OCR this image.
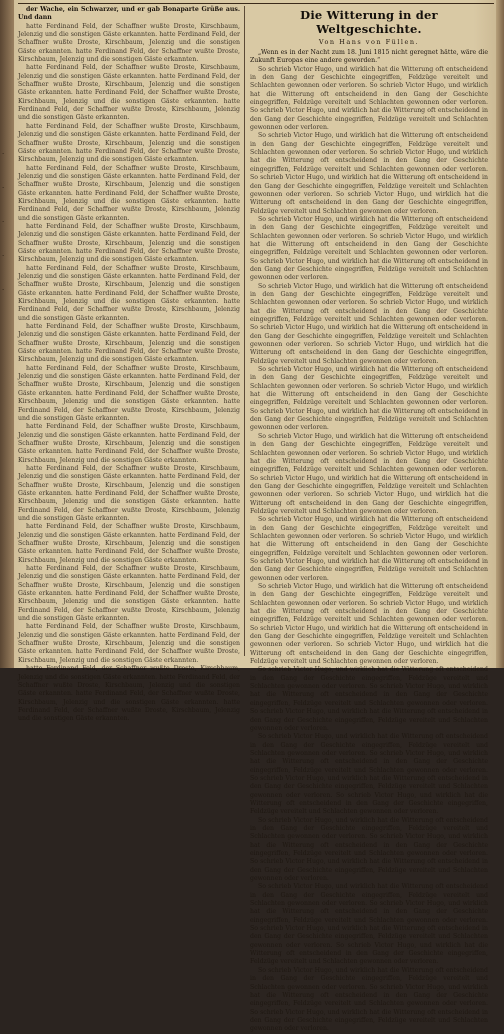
·
·
·
·
·

der Wache, ein Schwarzer, und er gab Bonaparte Grüße aus. Und dann

hatte Ferdinand Feld, der Schaffner wußte Droste, Kirschbaum, Jelenzig und die sonstigen Gäste erkannten. hatte Ferdinand Feld, der Schaffner wußte Droste, Kirschbaum, Jelenzig und die sonstigen Gäste erkannten. hatte Ferdinand Feld, der Schaffner wußte Droste, Kirschbaum, Jelenzig und die sonstigen Gäste erkannten.

hatte Ferdinand Feld, der Schaffner wußte Droste, Kirschbaum, Jelenzig und die sonstigen Gäste erkannten. hatte Ferdinand Feld, der Schaffner wußte Droste, Kirschbaum, Jelenzig und die sonstigen Gäste erkannten. hatte Ferdinand Feld, der Schaffner wußte Droste, Kirschbaum, Jelenzig und die sonstigen Gäste erkannten. hatte Ferdinand Feld, der Schaffner wußte Droste, Kirschbaum, Jelenzig und die sonstigen Gäste erkannten.

hatte Ferdinand Feld, der Schaffner wußte Droste, Kirschbaum, Jelenzig und die sonstigen Gäste erkannten. hatte Ferdinand Feld, der Schaffner wußte Droste, Kirschbaum, Jelenzig und die sonstigen Gäste erkannten. hatte Ferdinand Feld, der Schaffner wußte Droste, Kirschbaum, Jelenzig und die sonstigen Gäste erkannten.

hatte Ferdinand Feld, der Schaffner wußte Droste, Kirschbaum, Jelenzig und die sonstigen Gäste erkannten. hatte Ferdinand Feld, der Schaffner wußte Droste, Kirschbaum, Jelenzig und die sonstigen Gäste erkannten. hatte Ferdinand Feld, der Schaffner wußte Droste, Kirschbaum, Jelenzig und die sonstigen Gäste erkannten. hatte Ferdinand Feld, der Schaffner wußte Droste, Kirschbaum, Jelenzig und die sonstigen Gäste erkannten.

hatte Ferdinand Feld, der Schaffner wußte Droste, Kirschbaum, Jelenzig und die sonstigen Gäste erkannten. hatte Ferdinand Feld, der Schaffner wußte Droste, Kirschbaum, Jelenzig und die sonstigen Gäste erkannten. hatte Ferdinand Feld, der Schaffner wußte Droste, Kirschbaum, Jelenzig und die sonstigen Gäste erkannten.

hatte Ferdinand Feld, der Schaffner wußte Droste, Kirschbaum, Jelenzig und die sonstigen Gäste erkannten. hatte Ferdinand Feld, der Schaffner wußte Droste, Kirschbaum, Jelenzig und die sonstigen Gäste erkannten. hatte Ferdinand Feld, der Schaffner wußte Droste, Kirschbaum, Jelenzig und die sonstigen Gäste erkannten. hatte Ferdinand Feld, der Schaffner wußte Droste, Kirschbaum, Jelenzig und die sonstigen Gäste erkannten.

hatte Ferdinand Feld, der Schaffner wußte Droste, Kirschbaum, Jelenzig und die sonstigen Gäste erkannten. hatte Ferdinand Feld, der Schaffner wußte Droste, Kirschbaum, Jelenzig und die sonstigen Gäste erkannten. hatte Ferdinand Feld, der Schaffner wußte Droste, Kirschbaum, Jelenzig und die sonstigen Gäste erkannten.

hatte Ferdinand Feld, der Schaffner wußte Droste, Kirschbaum, Jelenzig und die sonstigen Gäste erkannten. hatte Ferdinand Feld, der Schaffner wußte Droste, Kirschbaum, Jelenzig und die sonstigen Gäste erkannten. hatte Ferdinand Feld, der Schaffner wußte Droste, Kirschbaum, Jelenzig und die sonstigen Gäste erkannten. hatte Ferdinand Feld, der Schaffner wußte Droste, Kirschbaum, Jelenzig und die sonstigen Gäste erkannten.

hatte Ferdinand Feld, der Schaffner wußte Droste, Kirschbaum, Jelenzig und die sonstigen Gäste erkannten. hatte Ferdinand Feld, der Schaffner wußte Droste, Kirschbaum, Jelenzig und die sonstigen Gäste erkannten. hatte Ferdinand Feld, der Schaffner wußte Droste, Kirschbaum, Jelenzig und die sonstigen Gäste erkannten.

hatte Ferdinand Feld, der Schaffner wußte Droste, Kirschbaum, Jelenzig und die sonstigen Gäste erkannten. hatte Ferdinand Feld, der Schaffner wußte Droste, Kirschbaum, Jelenzig und die sonstigen Gäste erkannten. hatte Ferdinand Feld, der Schaffner wußte Droste, Kirschbaum, Jelenzig und die sonstigen Gäste erkannten. hatte Ferdinand Feld, der Schaffner wußte Droste, Kirschbaum, Jelenzig und die sonstigen Gäste erkannten.

hatte Ferdinand Feld, der Schaffner wußte Droste, Kirschbaum, Jelenzig und die sonstigen Gäste erkannten. hatte Ferdinand Feld, der Schaffner wußte Droste, Kirschbaum, Jelenzig und die sonstigen Gäste erkannten. hatte Ferdinand Feld, der Schaffner wußte Droste, Kirschbaum, Jelenzig und die sonstigen Gäste erkannten.

hatte Ferdinand Feld, der Schaffner wußte Droste, Kirschbaum, Jelenzig und die sonstigen Gäste erkannten. hatte Ferdinand Feld, der Schaffner wußte Droste, Kirschbaum, Jelenzig und die sonstigen Gäste erkannten. hatte Ferdinand Feld, der Schaffner wußte Droste, Kirschbaum, Jelenzig und die sonstigen Gäste erkannten. hatte Ferdinand Feld, der Schaffner wußte Droste, Kirschbaum, Jelenzig und die sonstigen Gäste erkannten.

hatte Ferdinand Feld, der Schaffner wußte Droste, Kirschbaum, Jelenzig und die sonstigen Gäste erkannten. hatte Ferdinand Feld, der Schaffner wußte Droste, Kirschbaum, Jelenzig und die sonstigen Gäste erkannten. hatte Ferdinand Feld, der Schaffner wußte Droste, Kirschbaum, Jelenzig und die sonstigen Gäste erkannten.

hatte Ferdinand Feld, der Schaffner wußte Droste, Kirschbaum, Jelenzig und die sonstigen Gäste erkannten. hatte Ferdinand Feld, der Schaffner wußte Droste, Kirschbaum, Jelenzig und die sonstigen Gäste erkannten. hatte Ferdinand Feld, der Schaffner wußte Droste, Kirschbaum, Jelenzig und die sonstigen Gäste erkannten. hatte Ferdinand Feld, der Schaffner wußte Droste, Kirschbaum, Jelenzig und die sonstigen Gäste erkannten.

Die Witterung in der Weltgeschichte.
Von Hans von Füllen.

„Wenn es in der Nacht zum 18. Juni 1815 nicht geregnet hätte, wäre die Zukunft Europas eine andere geworden.“

So schrieb Victor Hugo, und wirklich hat die Witterung oft entscheidend in den Gang der Geschichte eingegriffen, Feldzüge vereitelt und Schlachten gewonnen oder verloren. So schrieb Victor Hugo, und wirklich hat die Witterung oft entscheidend in den Gang der Geschichte eingegriffen, Feldzüge vereitelt und Schlachten gewonnen oder verloren. So schrieb Victor Hugo, und wirklich hat die Witterung oft entscheidend in den Gang der Geschichte eingegriffen, Feldzüge vereitelt und Schlachten gewonnen oder verloren.

So schrieb Victor Hugo, und wirklich hat die Witterung oft entscheidend in den Gang der Geschichte eingegriffen, Feldzüge vereitelt und Schlachten gewonnen oder verloren. So schrieb Victor Hugo, und wirklich hat die Witterung oft entscheidend in den Gang der Geschichte eingegriffen, Feldzüge vereitelt und Schlachten gewonnen oder verloren. So schrieb Victor Hugo, und wirklich hat die Witterung oft entscheidend in den Gang der Geschichte eingegriffen, Feldzüge vereitelt und Schlachten gewonnen oder verloren. So schrieb Victor Hugo, und wirklich hat die Witterung oft entscheidend in den Gang der Geschichte eingegriffen, Feldzüge vereitelt und Schlachten gewonnen oder verloren.

So schrieb Victor Hugo, und wirklich hat die Witterung oft entscheidend in den Gang der Geschichte eingegriffen, Feldzüge vereitelt und Schlachten gewonnen oder verloren. So schrieb Victor Hugo, und wirklich hat die Witterung oft entscheidend in den Gang der Geschichte eingegriffen, Feldzüge vereitelt und Schlachten gewonnen oder verloren. So schrieb Victor Hugo, und wirklich hat die Witterung oft entscheidend in den Gang der Geschichte eingegriffen, Feldzüge vereitelt und Schlachten gewonnen oder verloren.

So schrieb Victor Hugo, und wirklich hat die Witterung oft entscheidend in den Gang der Geschichte eingegriffen, Feldzüge vereitelt und Schlachten gewonnen oder verloren. So schrieb Victor Hugo, und wirklich hat die Witterung oft entscheidend in den Gang der Geschichte eingegriffen, Feldzüge vereitelt und Schlachten gewonnen oder verloren. So schrieb Victor Hugo, und wirklich hat die Witterung oft entscheidend in den Gang der Geschichte eingegriffen, Feldzüge vereitelt und Schlachten gewonnen oder verloren. So schrieb Victor Hugo, und wirklich hat die Witterung oft entscheidend in den Gang der Geschichte eingegriffen, Feldzüge vereitelt und Schlachten gewonnen oder verloren.

So schrieb Victor Hugo, und wirklich hat die Witterung oft entscheidend in den Gang der Geschichte eingegriffen, Feldzüge vereitelt und Schlachten gewonnen oder verloren. So schrieb Victor Hugo, und wirklich hat die Witterung oft entscheidend in den Gang der Geschichte eingegriffen, Feldzüge vereitelt und Schlachten gewonnen oder verloren. So schrieb Victor Hugo, und wirklich hat die Witterung oft entscheidend in den Gang der Geschichte eingegriffen, Feldzüge vereitelt und Schlachten gewonnen oder verloren.

So schrieb Victor Hugo, und wirklich hat die Witterung oft entscheidend in den Gang der Geschichte eingegriffen, Feldzüge vereitelt und Schlachten gewonnen oder verloren. So schrieb Victor Hugo, und wirklich hat die Witterung oft entscheidend in den Gang der Geschichte eingegriffen, Feldzüge vereitelt und Schlachten gewonnen oder verloren. So schrieb Victor Hugo, und wirklich hat die Witterung oft entscheidend in den Gang der Geschichte eingegriffen, Feldzüge vereitelt und Schlachten gewonnen oder verloren. So schrieb Victor Hugo, und wirklich hat die Witterung oft entscheidend in den Gang der Geschichte eingegriffen, Feldzüge vereitelt und Schlachten gewonnen oder verloren.

So schrieb Victor Hugo, und wirklich hat die Witterung oft entscheidend in den Gang der Geschichte eingegriffen, Feldzüge vereitelt und Schlachten gewonnen oder verloren. So schrieb Victor Hugo, und wirklich hat die Witterung oft entscheidend in den Gang der Geschichte eingegriffen, Feldzüge vereitelt und Schlachten gewonnen oder verloren. So schrieb Victor Hugo, und wirklich hat die Witterung oft entscheidend in den Gang der Geschichte eingegriffen, Feldzüge vereitelt und Schlachten gewonnen oder verloren.

So schrieb Victor Hugo, und wirklich hat die Witterung oft entscheidend in den Gang der Geschichte eingegriffen, Feldzüge vereitelt und Schlachten gewonnen oder verloren. So schrieb Victor Hugo, und wirklich hat die Witterung oft entscheidend in den Gang der Geschichte eingegriffen, Feldzüge vereitelt und Schlachten gewonnen oder verloren. So schrieb Victor Hugo, und wirklich hat die Witterung oft entscheidend in den Gang der Geschichte eingegriffen, Feldzüge vereitelt und Schlachten gewonnen oder verloren. So schrieb Victor Hugo, und wirklich hat die Witterung oft entscheidend in den Gang der Geschichte eingegriffen, Feldzüge vereitelt und Schlachten gewonnen oder verloren.

So schrieb Victor Hugo, und wirklich hat die Witterung oft entscheidend in den Gang der Geschichte eingegriffen, Feldzüge vereitelt und Schlachten gewonnen oder verloren. So schrieb Victor Hugo, und wirklich hat die Witterung oft entscheidend in den Gang der Geschichte eingegriffen, Feldzüge vereitelt und Schlachten gewonnen oder verloren. So schrieb Victor Hugo, und wirklich hat die Witterung oft entscheidend in den Gang der Geschichte eingegriffen, Feldzüge vereitelt und Schlachten gewonnen oder verloren.

So schrieb Victor Hugo, und wirklich hat die Witterung oft entscheidend in den Gang der Geschichte eingegriffen, Feldzüge vereitelt und Schlachten gewonnen oder verloren. So schrieb Victor Hugo, und wirklich hat die Witterung oft entscheidend in den Gang der Geschichte eingegriffen, Feldzüge vereitelt und Schlachten gewonnen oder verloren. So schrieb Victor Hugo, und wirklich hat die Witterung oft entscheidend in den Gang der Geschichte eingegriffen, Feldzüge vereitelt und Schlachten gewonnen oder verloren. So schrieb Victor Hugo, und wirklich hat die Witterung oft entscheidend in den Gang der Geschichte eingegriffen, Feldzüge vereitelt und Schlachten gewonnen oder verloren.

So schrieb Victor Hugo, und wirklich hat die Witterung oft entscheidend in den Gang der Geschichte eingegriffen, Feldzüge vereitelt und Schlachten gewonnen oder verloren. So schrieb Victor Hugo, und wirklich hat die Witterung oft entscheidend in den Gang der Geschichte eingegriffen, Feldzüge vereitelt und Schlachten gewonnen oder verloren. So schrieb Victor Hugo, und wirklich hat die Witterung oft entscheidend in den Gang der Geschichte eingegriffen, Feldzüge vereitelt und Schlachten gewonnen oder verloren.

So schrieb Victor Hugo, und wirklich hat die Witterung oft entscheidend in den Gang der Geschichte eingegriffen, Feldzüge vereitelt und Schlachten gewonnen oder verloren. So schrieb Victor Hugo, und wirklich hat die Witterung oft entscheidend in den Gang der Geschichte eingegriffen, Feldzüge vereitelt und Schlachten gewonnen oder verloren. So schrieb Victor Hugo, und wirklich hat die Witterung oft entscheidend in den Gang der Geschichte eingegriffen, Feldzüge vereitelt und Schlachten gewonnen oder verloren. So schrieb Victor Hugo, und wirklich hat die Witterung oft entscheidend in den Gang der Geschichte eingegriffen, Feldzüge vereitelt und Schlachten gewonnen oder verloren.

So schrieb Victor Hugo, und wirklich hat die Witterung oft entscheidend in den Gang der Geschichte eingegriffen, Feldzüge vereitelt und Schlachten gewonnen oder verloren. So schrieb Victor Hugo, und wirklich hat die Witterung oft entscheidend in den Gang der Geschichte eingegriffen, Feldzüge vereitelt und Schlachten gewonnen oder verloren. So schrieb Victor Hugo, und wirklich hat die Witterung oft entscheidend in den Gang der Geschichte eingegriffen, Feldzüge vereitelt und Schlachten gewonnen oder verloren.
